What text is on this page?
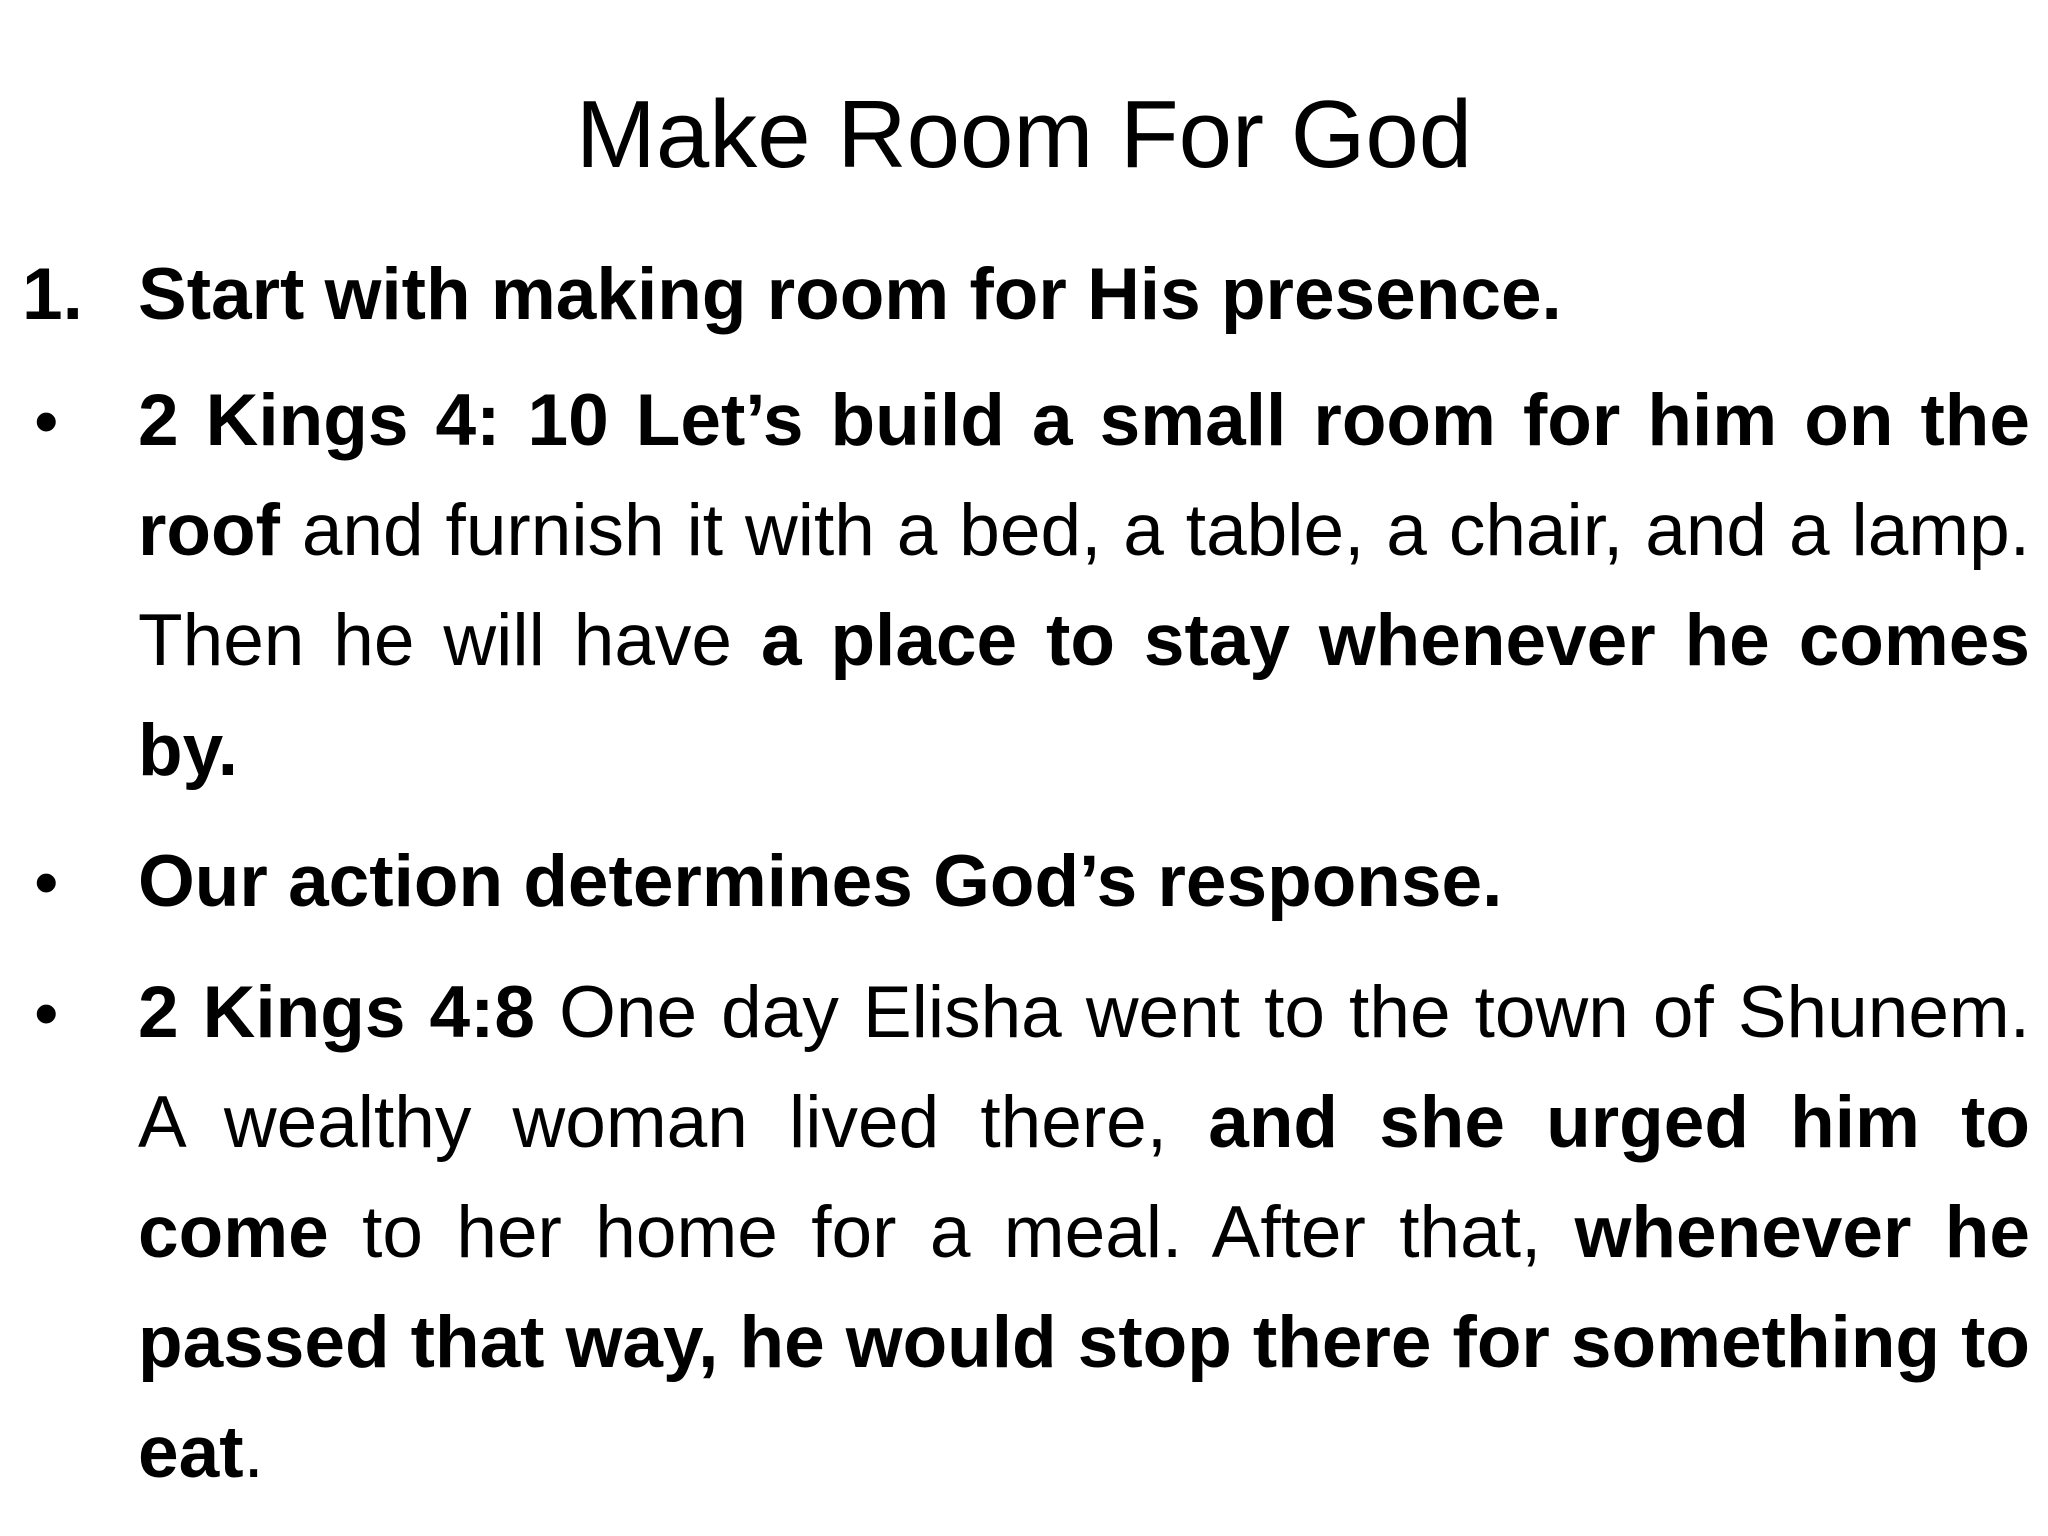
Make Room For God
1. Start with making room for His presence.

• 2 Kings 4: 10 Let’s build a small room for him on the roof and furnish it with a bed, a table, a chair, and a lamp. Then he will have a place to stay whenever he comes by.

• Our action determines God’s response.

• 2 Kings 4:8 One day Elisha went to the town of Shunem. A wealthy woman lived there, and she urged him to come to her home for a meal. After that, whenever he passed that way, he would stop there for something to eat.
